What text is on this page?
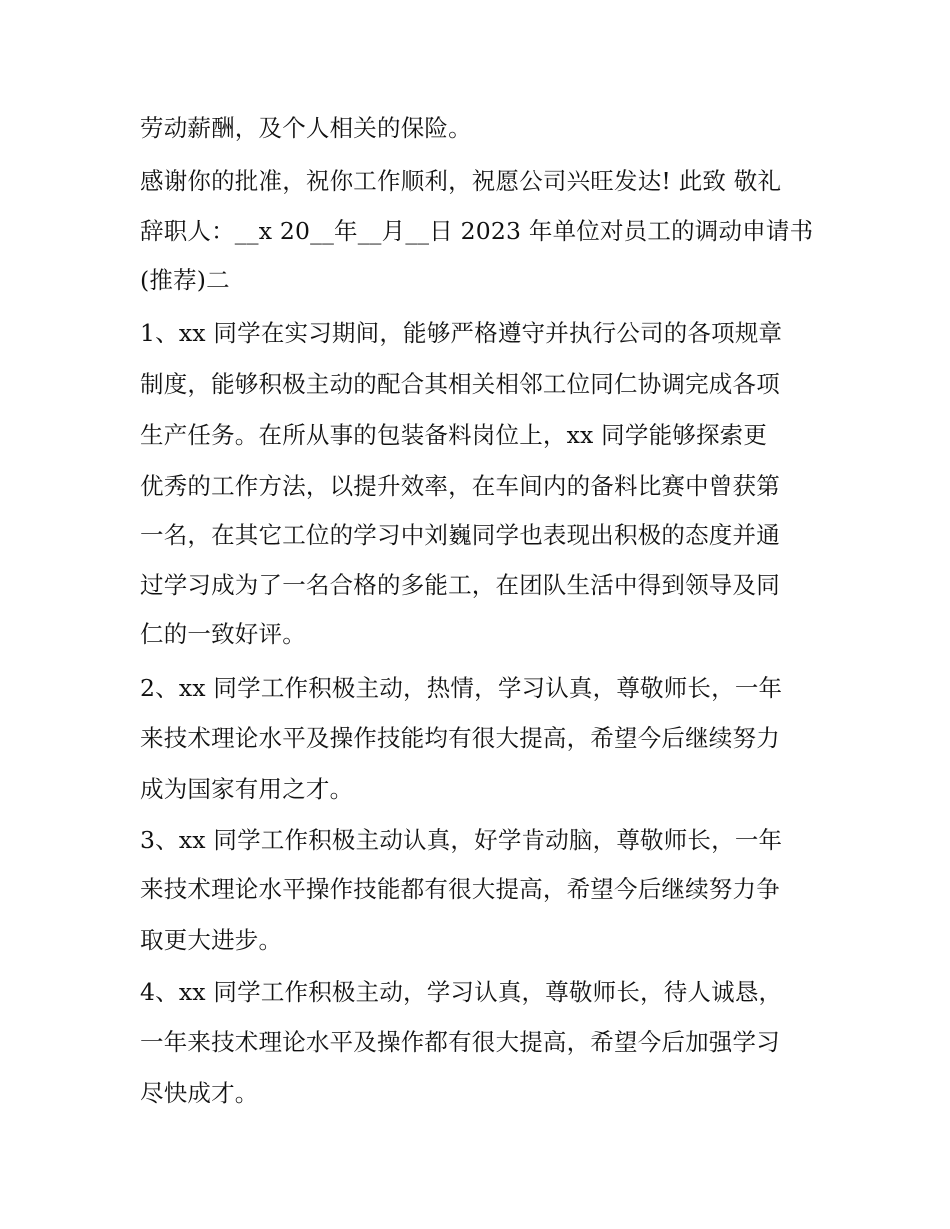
劳动薪酬，及个人相关的保险。
感谢你的批准，祝你工作顺利，祝愿公司兴旺发达! 此致 敬礼
辞职人：__x 20__年__月__日 2023 年单位对员工的调动申请书
(推荐)二
1、xx 同学在实习期间，能够严格遵守并执行公司的各项规章
制度，能够积极主动的配合其相关相邻工位同仁协调完成各项
生产任务。在所从事的包装备料岗位上，xx 同学能够探索更
优秀的工作方法，以提升效率，在车间内的备料比赛中曾获第
一名，在其它工位的学习中刘巍同学也表现出积极的态度并通
过学习成为了一名合格的多能工，在团队生活中得到领导及同
仁的一致好评。
2、xx 同学工作积极主动，热情，学习认真，尊敬师长，一年
来技术理论水平及操作技能均有很大提高，希望今后继续努力
成为国家有用之才。
3、xx 同学工作积极主动认真，好学肯动脑，尊敬师长，一年
来技术理论水平操作技能都有很大提高，希望今后继续努力争
取更大进步。
4、xx 同学工作积极主动，学习认真，尊敬师长，待人诚恳，
一年来技术理论水平及操作都有很大提高，希望今后加强学习
尽快成才。
